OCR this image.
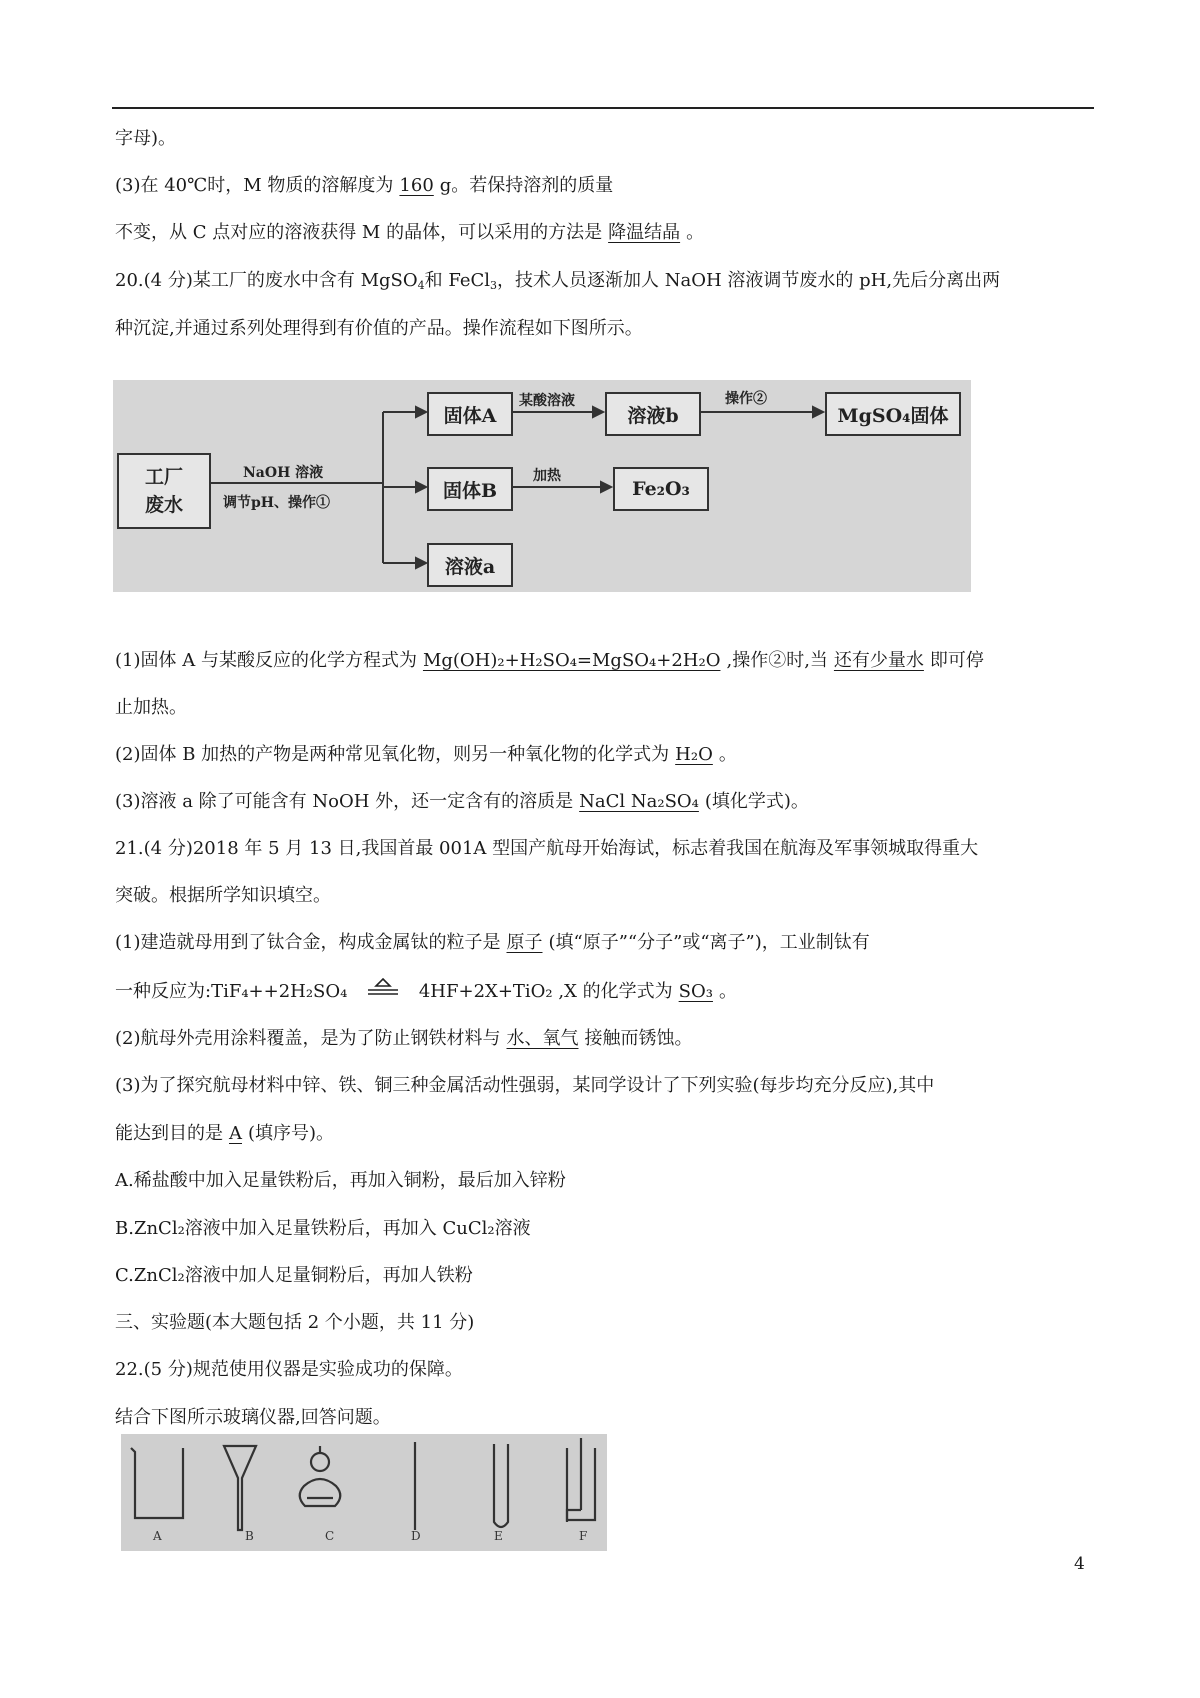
字母)。
(3)在 40℃时，M 物质的溶解度为 160 g。若保持溶剂的质量
不变，从 C 点对应的溶液获得 M 的晶体，可以采用的方法是 降温结晶 。
20.(4 分)某工厂的废水中含有 MgSO$_4$和 FeCl$_3$，技术人员逐渐加人 NaOH 溶液调节废水的 pH,先后分离出两
种沉淀,并通过系列处理得到有价值的产品。操作流程如下图所示。
工厂
废水
NaOH 溶液
调节pH、操作①
固体A
固体B
溶液a
某酸溶液
溶液b
操作②
MgSO₄固体
加热
Fe₂O₃
(1)固体 A 与某酸反应的化学方程式为 Mg(OH)₂+H₂SO₄=MgSO₄+2H₂O ,操作②时,当 还有少量水 即可停
止加热。
(2)固体 B 加热的产物是两种常见氧化物，则另一种氧化物的化学式为 H₂O 。
(3)溶液 a 除了可能含有 NoOH 外，还一定含有的溶质是 NaCl Na₂SO₄ (填化学式)。
21.(4 分)2018 年 5 月 13 日,我国首最 001A 型国产航母开始海试，标志着我国在航海及军事领城取得重大
突破。根据所学知识填空。
(1)建造就母用到了钛合金，构成金属钛的粒子是 原子 (填“原子”“分子”或“离子”)，工业制钛有
一种反应为:TiF₄++2H₂SO₄	4HF+2X+TiO₂ ,X 的化学式为 SO₃ 。
(2)航母外壳用涂料覆盖，是为了防止钢铁材料与 水、氧气 接触而锈蚀。
(3)为了探究航母材料中锌、铁、铜三种金属活动性强弱，某同学设计了下列实验(每步均充分反应),其中
能达到目的是 A (填序号)。
A.稀盐酸中加入足量铁粉后，再加入铜粉，最后加入锌粉
B.ZnCl₂溶液中加入足量铁粉后，再加入 CuCl₂溶液
C.ZnCl₂溶液中加人足量铜粉后，再加人铁粉
三、实验题(本大题包括 2 个小题，共 11 分)
22.(5 分)规范使用仪器是实验成功的保障。
结合下图所示玻璃仪器,回答问题。
A	B	C	D	E	F
4
